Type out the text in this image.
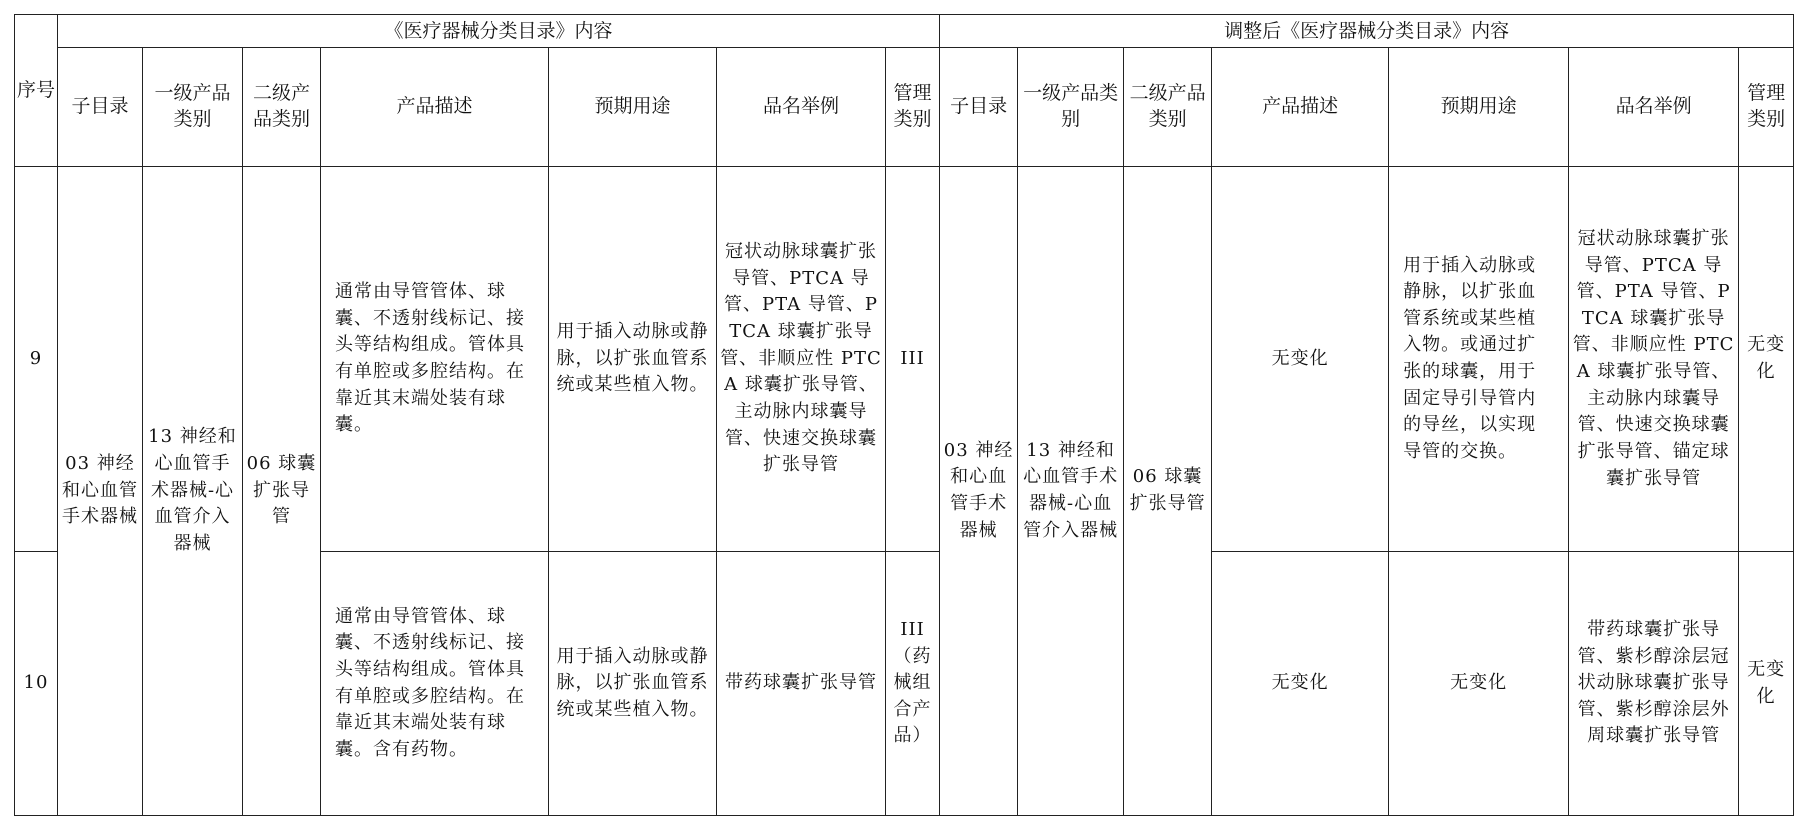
序号	《医疗器械分类目录》内容							调整后《医疗器械分类目录》内容						
	子目录	一级产品类别	二级产品类别	产品描述	预期用途	品名举例	管理类别	子目录	一级产品类别	二级产品类别	产品描述	预期用途	品名举例	管理类别
9	03 神经和心血管手术器械	13 神经和心血管手术器械-心血管介入器械	06 球囊扩张导管	通常由导管管体、球囊、不透射线标记、接头等结构组成。管体具有单腔或多腔结构。在靠近其末端处装有球囊。	用于插入动脉或静脉，以扩张血管系统或某些植入物。	冠状动脉球囊扩张导管、PTCA 导管、PTA 导管、PTCA 球囊扩张导管、非顺应性 PTCA 球囊扩张导管、主动脉内球囊导管、快速交换球囊扩张导管	III	03 神经和心血管手术器械	13 神经和心血管手术器械-心血管介入器械	06 球囊扩张导管	无变化	用于插入动脉或静脉，以扩张血管系统或某些植入物。或通过扩张的球囊，用于固定导引导管内的导丝，以实现导管的交换。	冠状动脉球囊扩张导管、PTCA 导管、PTA 导管、PTCA 球囊扩张导管、非顺应性 PTCA 球囊扩张导管、主动脉内球囊导管、快速交换球囊扩张导管、锚定球囊扩张导管	无变化
10				通常由导管管体、球囊、不透射线标记、接头等结构组成。管体具有单腔或多腔结构。在靠近其末端处装有球囊。含有药物。	用于插入动脉或静脉，以扩张血管系统或某些植入物。	带药球囊扩张导管	III（药械组合产品）				无变化	无变化	带药球囊扩张导管、紫杉醇涂层冠状动脉球囊扩张导管、紫杉醇涂层外周球囊扩张导管	无变化
